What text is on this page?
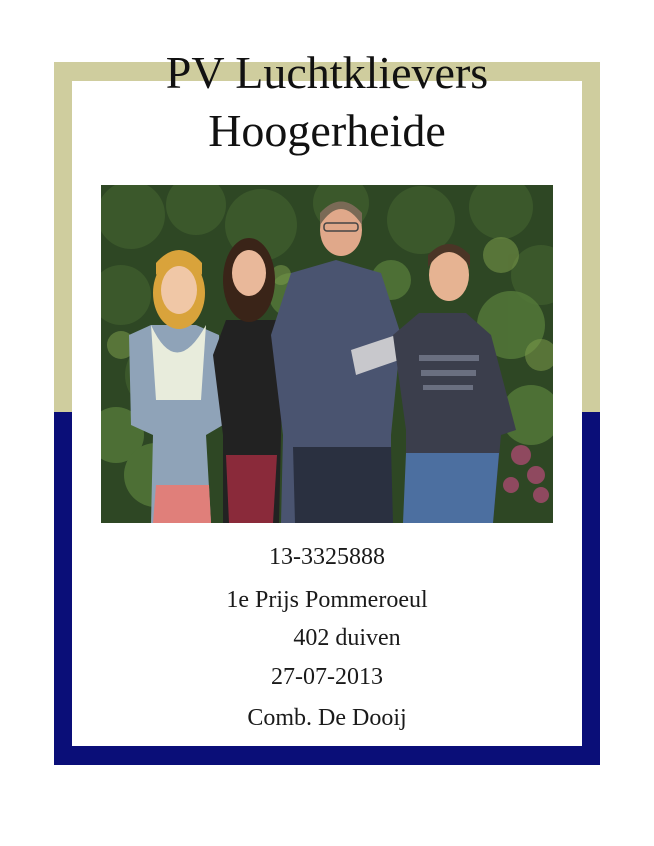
PV Luchtklievers
Hoogerheide

13-3325888

1e Prijs Pommeroeul

402 duiven

27-07-2013

Comb. De Dooij
